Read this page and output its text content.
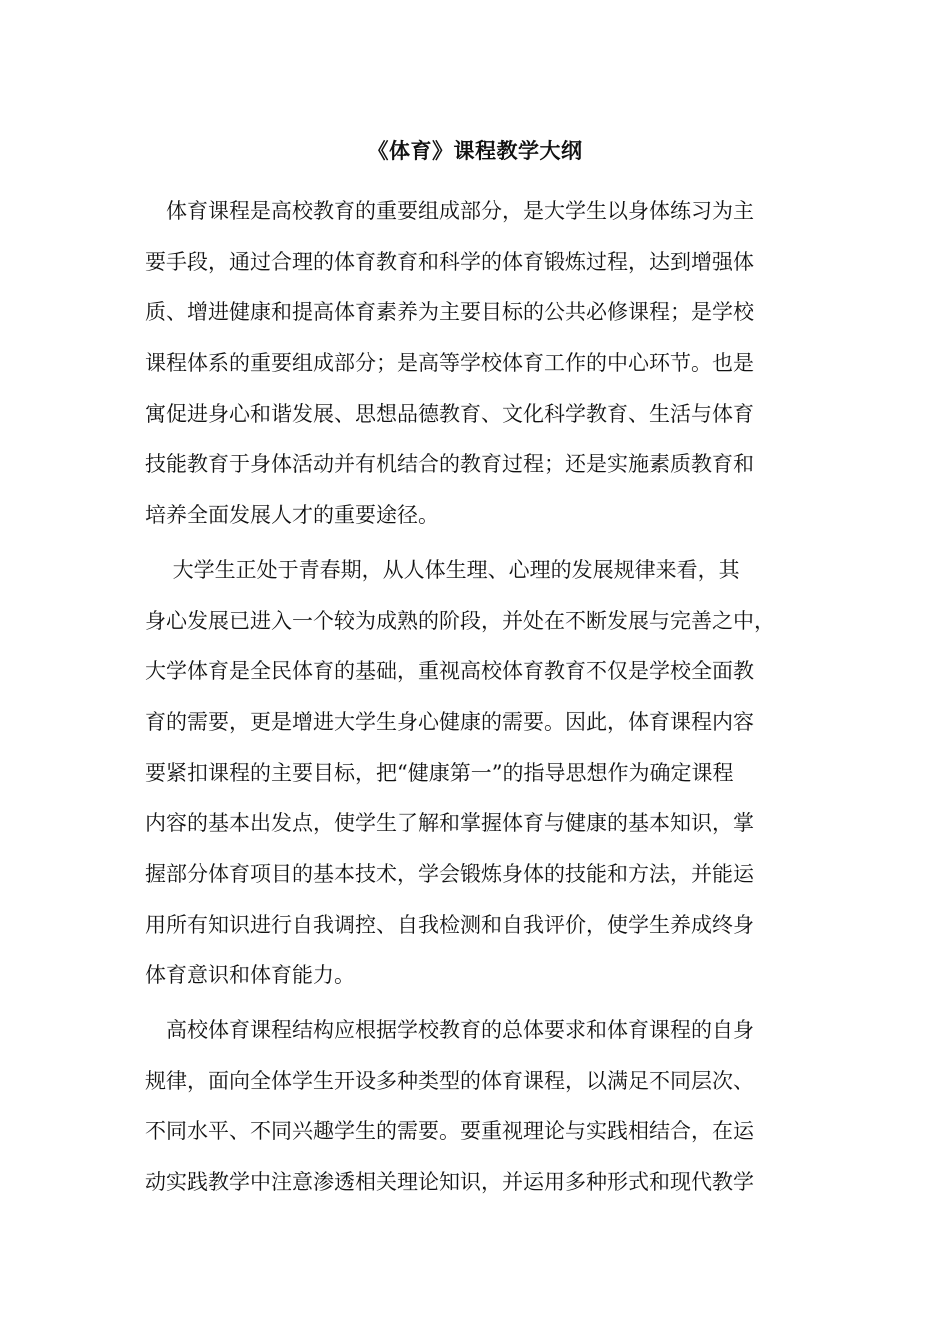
《体育》课程教学大纲

　体育课程是高校教育的重要组成部分，是大学生以身体练习为主
要手段，通过合理的体育教育和科学的体育锻炼过程，达到增强体
质、增进健康和提高体育素养为主要目标的公共必修课程；是学校
课程体系的重要组成部分；是高等学校体育工作的中心环节。也是
寓促进身心和谐发展、思想品德教育、文化科学教育、生活与体育
技能教育于身体活动并有机结合的教育过程；还是实施素质教育和
培养全面发展人才的重要途径。

　 大学生正处于青春期，从人体生理、心理的发展规律来看，其
身心发展已进入一个较为成熟的阶段，并处在不断发展与完善之中，
大学体育是全民体育的基础，重视高校体育教育不仅是学校全面教
育的需要，更是增进大学生身心健康的需要。因此，体育课程内容
要紧扣课程的主要目标，把“健康第一”的指导思想作为确定课程
内容的基本出发点，使学生了解和掌握体育与健康的基本知识，掌
握部分体育项目的基本技术，学会锻炼身体的技能和方法，并能运
用所有知识进行自我调控、自我检测和自我评价，使学生养成终身
体育意识和体育能力。

　高校体育课程结构应根据学校教育的总体要求和体育课程的自身
规律，面向全体学生开设多种类型的体育课程，以满足不同层次、
不同水平、不同兴趣学生的需要。要重视理论与实践相结合，在运
动实践教学中注意渗透相关理论知识，并运用多种形式和现代教学
